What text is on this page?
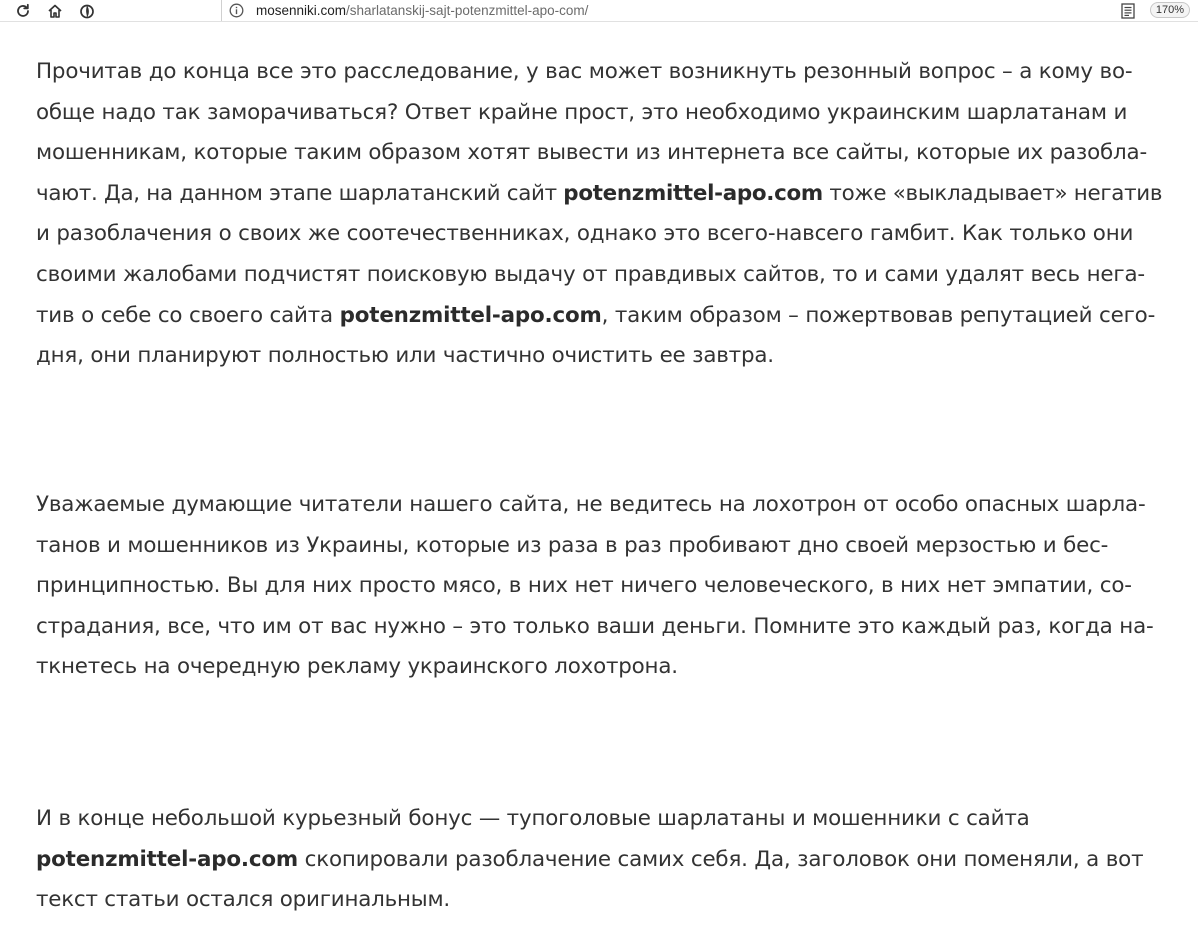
mosenniki.com/sharlatanskij-sajt-potenzmittel-apo-com/	170%

Прочитав до конца все это расследование, у вас может возникнуть резонный вопрос – а кому во-
обще надо так заморачиваться? Ответ крайне прост, это необходимо украинским шарлатанам и
мошенникам, которые таким образом хотят вывести из интернета все сайты, которые их разобла-
чают. Да, на данном этапе шарлатанский сайт potenzmittel-apo.com тоже «выкладывает» негатив
и разоблачения о своих же соотечественниках, однако это всего-навсего гамбит. Как только они
своими жалобами подчистят поисковую выдачу от правдивых сайтов, то и сами удалят весь нега-
тив о себе со своего сайта potenzmittel-apo.com, таким образом – пожертвовав репутацией сего-
дня, они планируют полностью или частично очистить ее завтра.

Уважаемые думающие читатели нашего сайта, не ведитесь на лохотрон от особо опасных шарла-
танов и мошенников из Украины, которые из раза в раз пробивают дно своей мерзостью и бес-
принципностью. Вы для них просто мясо, в них нет ничего человеческого, в них нет эмпатии, со-
страдания, все, что им от вас нужно – это только ваши деньги. Помните это каждый раз, когда на-
ткнетесь на очередную рекламу украинского лохотрона.

И в конце небольшой курьезный бонус — тупоголовые шарлатаны и мошенники с сайта
potenzmittel-apo.com скопировали разоблачение самих себя. Да, заголовок они поменяли, а вот
текст статьи остался оригинальным.
